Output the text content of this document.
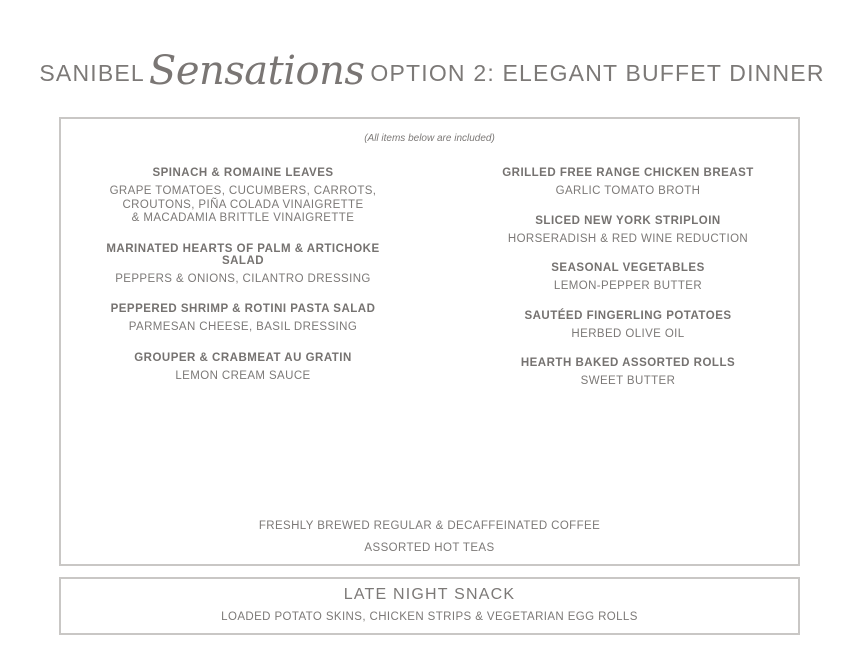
SANIBEL Sensations OPTION 2: ELEGANT BUFFET DINNER
(All items below are included)
SPINACH & ROMAINE LEAVES
GRAPE TOMATOES, CUCUMBERS, CARROTS,
CROUTONS, PIÑA COLADA VINAIGRETTE
& MACADAMIA BRITTLE VINAIGRETTE
MARINATED HEARTS OF PALM & ARTICHOKE SALAD
PEPPERS & ONIONS, CILANTRO DRESSING
PEPPERED SHRIMP & ROTINI PASTA SALAD
PARMESAN CHEESE, BASIL DRESSING
GROUPER & CRABMEAT AU GRATIN
LEMON CREAM SAUCE
GRILLED FREE RANGE CHICKEN BREAST
GARLIC TOMATO BROTH
SLICED NEW YORK STRIPLOIN
HORSERADISH & RED WINE REDUCTION
SEASONAL VEGETABLES
LEMON-PEPPER BUTTER
SAUTÉED FINGERLING POTATOES
HERBED OLIVE OIL
HEARTH BAKED ASSORTED ROLLS
SWEET BUTTER
FRESHLY BREWED REGULAR & DECAFFEINATED COFFEE
ASSORTED HOT TEAS
LATE NIGHT SNACK
LOADED POTATO SKINS, CHICKEN STRIPS & VEGETARIAN EGG ROLLS
